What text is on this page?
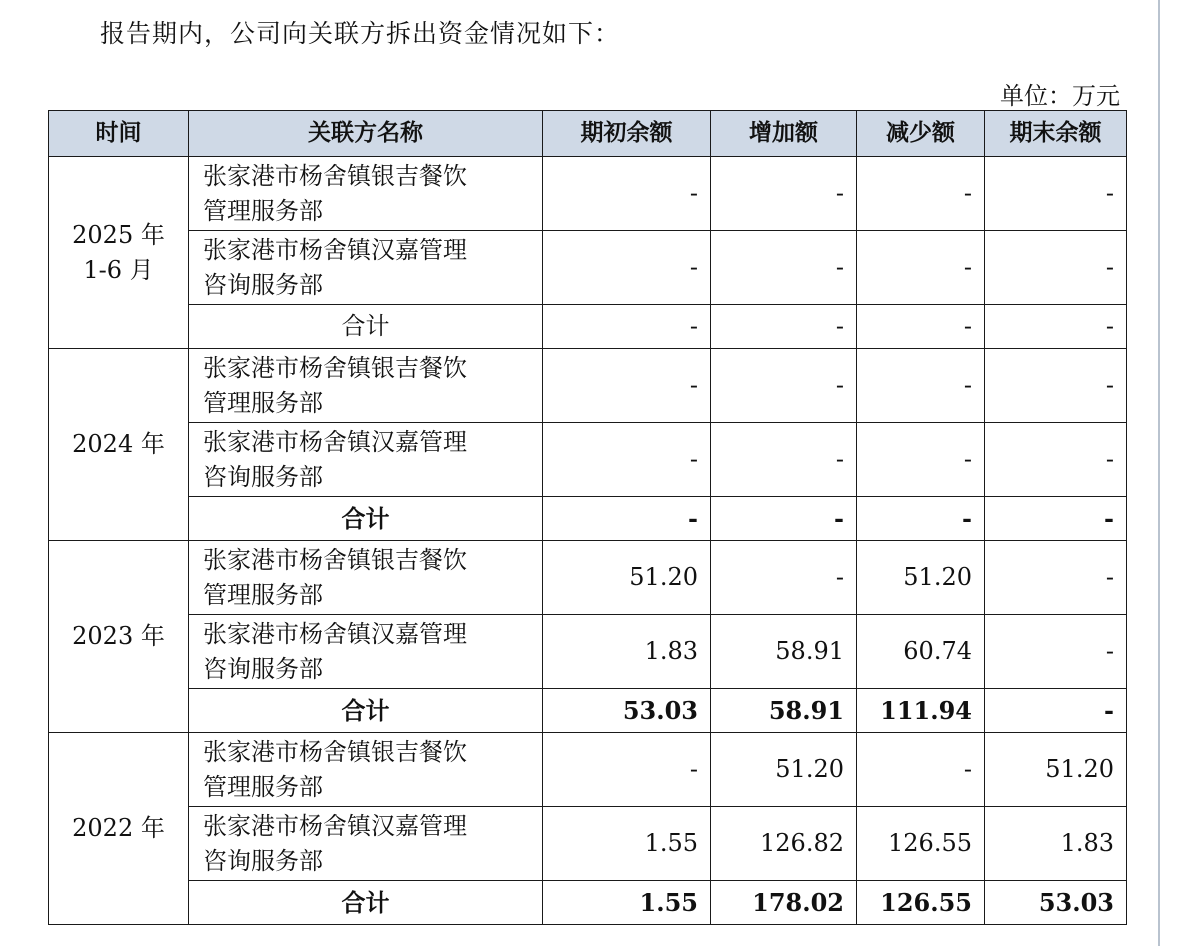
报告期内，公司向关联方拆出资金情况如下：
单位：万元
时间	关联方名称	期初余额	增加额	减少额	期末余额
2025 年
1-6 月	张家港市杨舍镇银吉餐饮
管理服务部	-	-	-	-
	张家港市杨舍镇汉嘉管理
咨询服务部	-	-	-	-
	合计	-	-	-	-
2024 年	张家港市杨舍镇银吉餐饮
管理服务部	-	-	-	-
	张家港市杨舍镇汉嘉管理
咨询服务部	-	-	-	-
	合计	-	-	-	-
2023 年	张家港市杨舍镇银吉餐饮
管理服务部	51.20	-	51.20	-
	张家港市杨舍镇汉嘉管理
咨询服务部	1.83	58.91	60.74	-
	合计	53.03	58.91	111.94	-
2022 年	张家港市杨舍镇银吉餐饮
管理服务部	-	51.20	-	51.20
	张家港市杨舍镇汉嘉管理
咨询服务部	1.55	126.82	126.55	1.83
	合计	1.55	178.02	126.55	53.03
